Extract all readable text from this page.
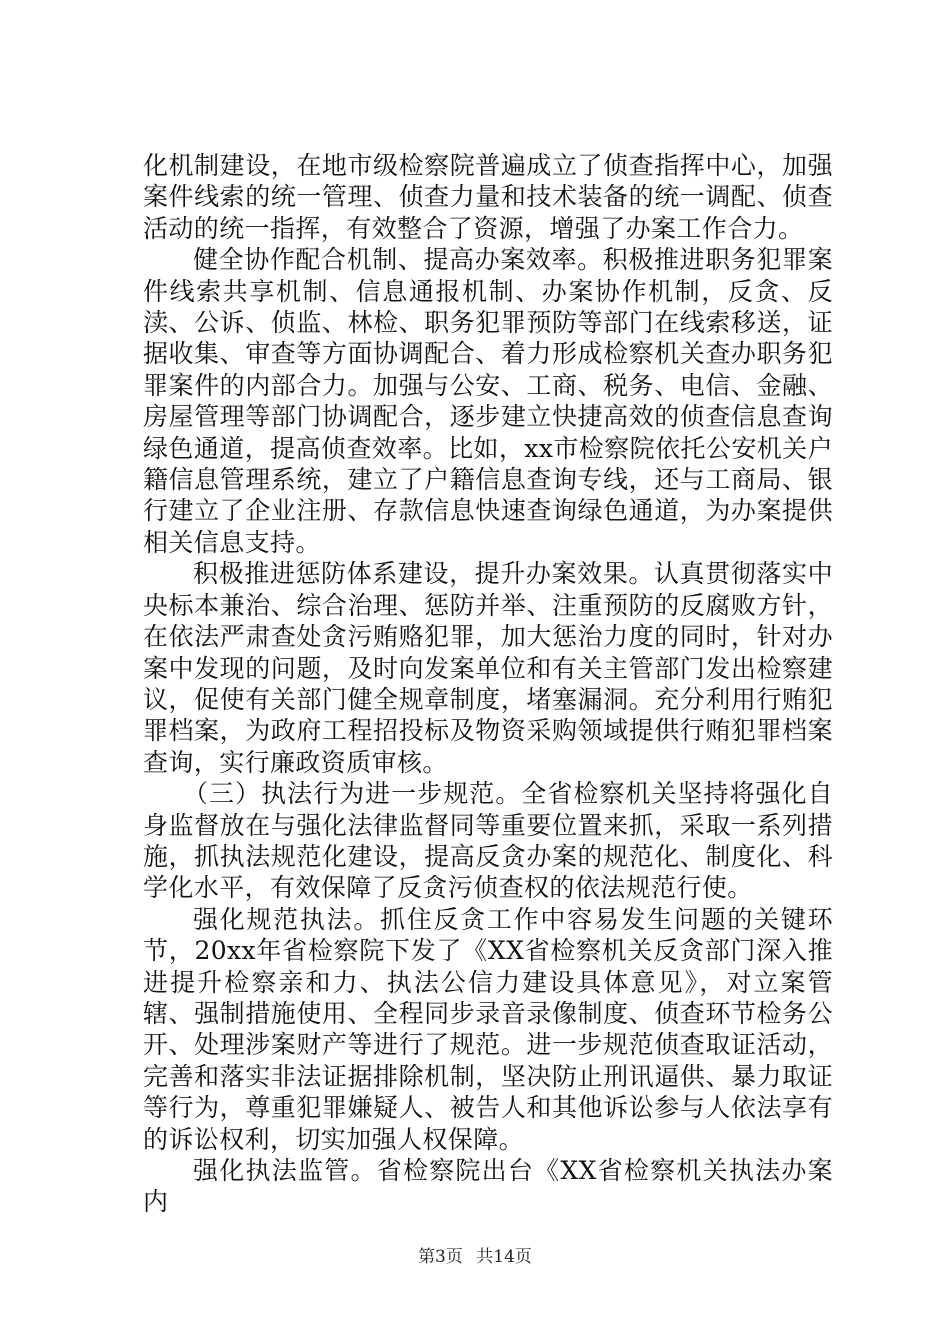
化机制建设，在地市级检察院普遍成立了侦查指挥中心，加强案件线索的统一管理、侦查力量和技术装备的统一调配、侦查活动的统一指挥，有效整合了资源，增强了办案工作合力。

健全协作配合机制、提高办案效率。积极推进职务犯罪案件线索共享机制、信息通报机制、办案协作机制，反贪、反渎、公诉、侦监、林检、职务犯罪预防等部门在线索移送，证据收集、审查等方面协调配合、着力形成检察机关查办职务犯罪案件的内部合力。加强与公安、工商、税务、电信、金融、房屋管理等部门协调配合，逐步建立快捷高效的侦查信息查询绿色通道，提高侦查效率。比如，xx市检察院依托公安机关户籍信息管理系统，建立了户籍信息查询专线，还与工商局、银行建立了企业注册、存款信息快速查询绿色通道，为办案提供相关信息支持。

积极推进惩防体系建设，提升办案效果。认真贯彻落实中央标本兼治、综合治理、惩防并举、注重预防的反腐败方针，在依法严肃查处贪污贿赂犯罪，加大惩治力度的同时，针对办案中发现的问题，及时向发案单位和有关主管部门发出检察建议，促使有关部门健全规章制度，堵塞漏洞。充分利用行贿犯罪档案，为政府工程招投标及物资采购领域提供行贿犯罪档案查询，实行廉政资质审核。

（三）执法行为进一步规范。全省检察机关坚持将强化自身监督放在与强化法律监督同等重要位置来抓，采取一系列措施，抓执法规范化建设，提高反贪办案的规范化、制度化、科学化水平，有效保障了反贪污侦查权的依法规范行使。

强化规范执法。抓住反贪工作中容易发生问题的关键环节，20xx年省检察院下发了《XX省检察机关反贪部门深入推进提升检察亲和力、执法公信力建设具体意见》，对立案管辖、强制措施使用、全程同步录音录像制度、侦查环节检务公开、处理涉案财产等进行了规范。进一步规范侦查取证活动，完善和落实非法证据排除机制，坚决防止刑讯逼供、暴力取证等行为，尊重犯罪嫌疑人、被告人和其他诉讼参与人依法享有的诉讼权利，切实加强人权保障。

强化执法监管。省检察院出台《XX省检察机关执法办案内

第3页 共14页
